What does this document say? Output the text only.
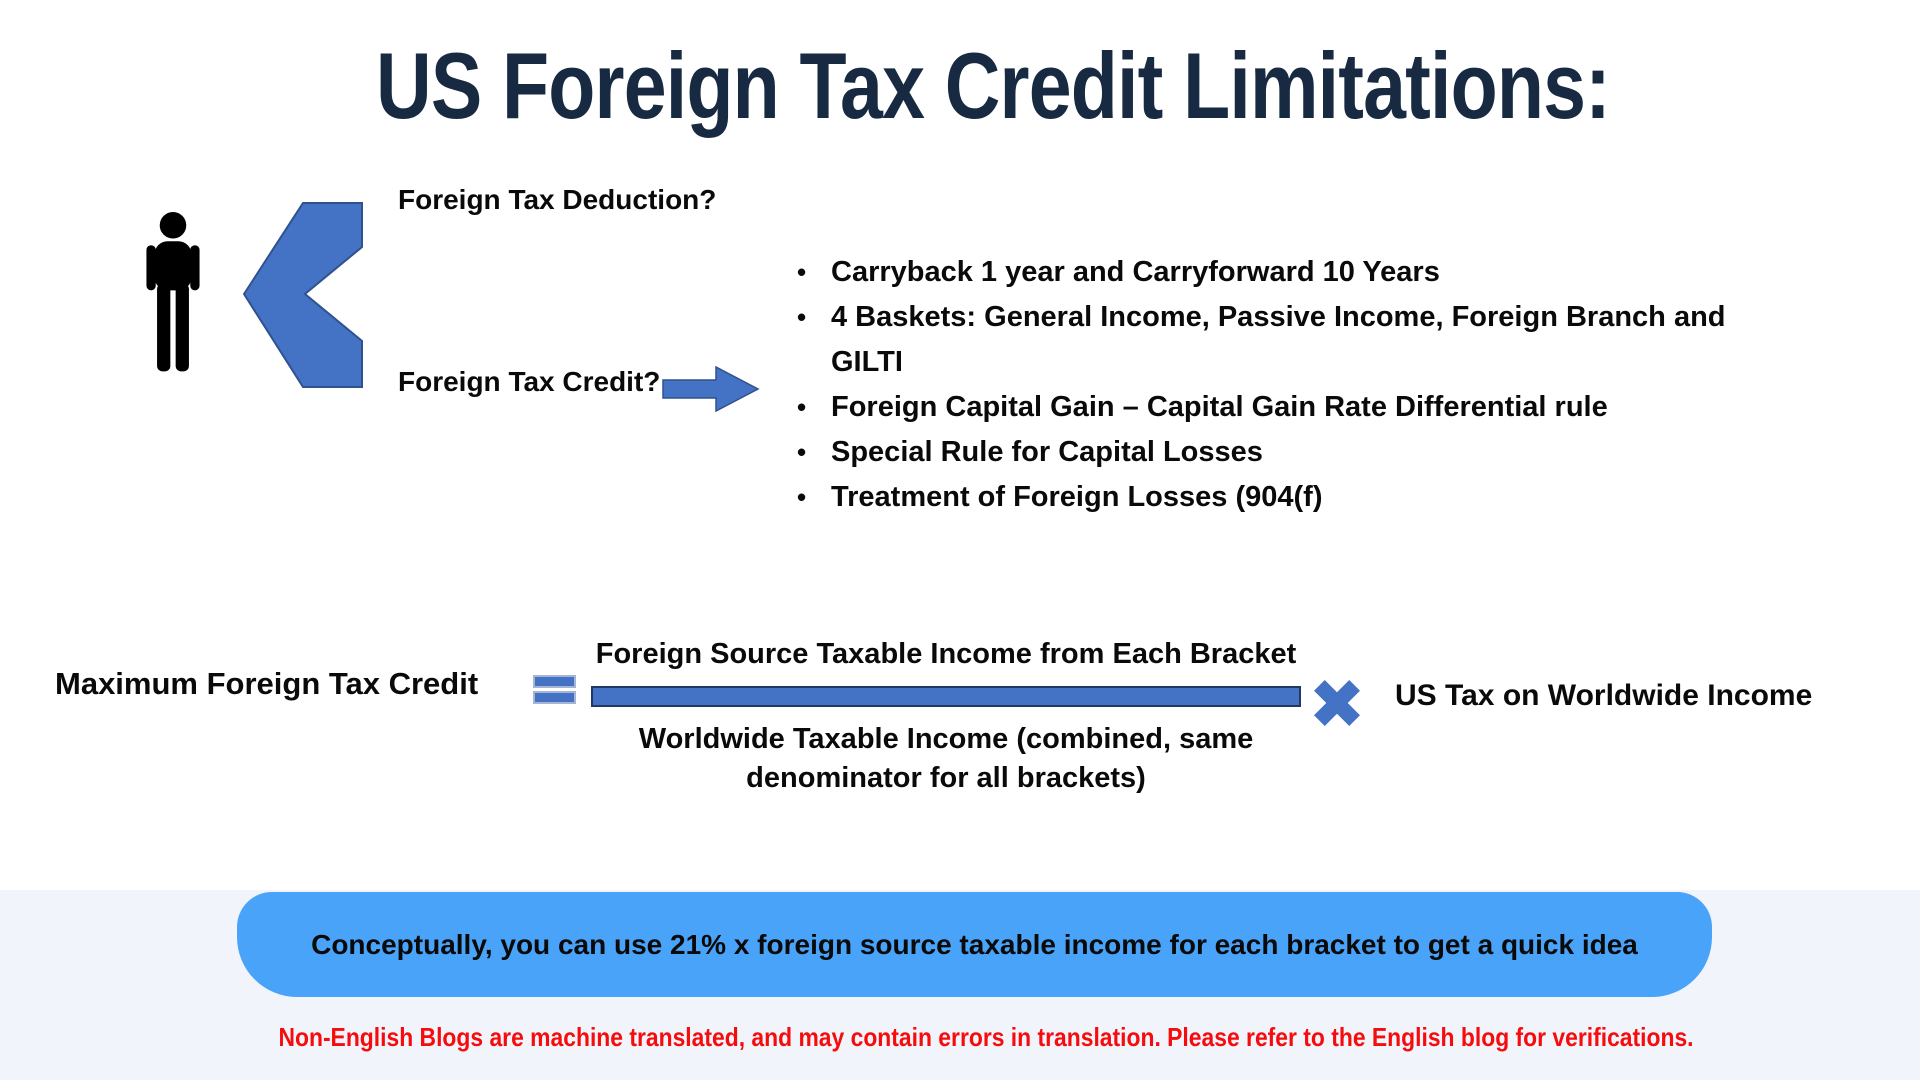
US Foreign Tax Credit Limitations:
Foreign Tax Deduction?
Foreign Tax Credit?
• Carryback 1 year and Carryforward 10 Years
• 4 Baskets: General Income, Passive Income, Foreign Branch and GILTI
• Foreign Capital Gain – Capital Gain Rate Differential rule
• Special Rule for Capital Losses
• Treatment of Foreign Losses (904(f)
Maximum Foreign Tax Credit
Foreign Source Taxable Income from Each Bracket
Worldwide Taxable Income (combined, same denominator for all brackets)
US Tax on Worldwide Income
Conceptually, you can use 21% x foreign source taxable income for each bracket to get a quick idea
Non-English Blogs are machine translated, and may contain errors in translation. Please refer to the English blog for verifications.
